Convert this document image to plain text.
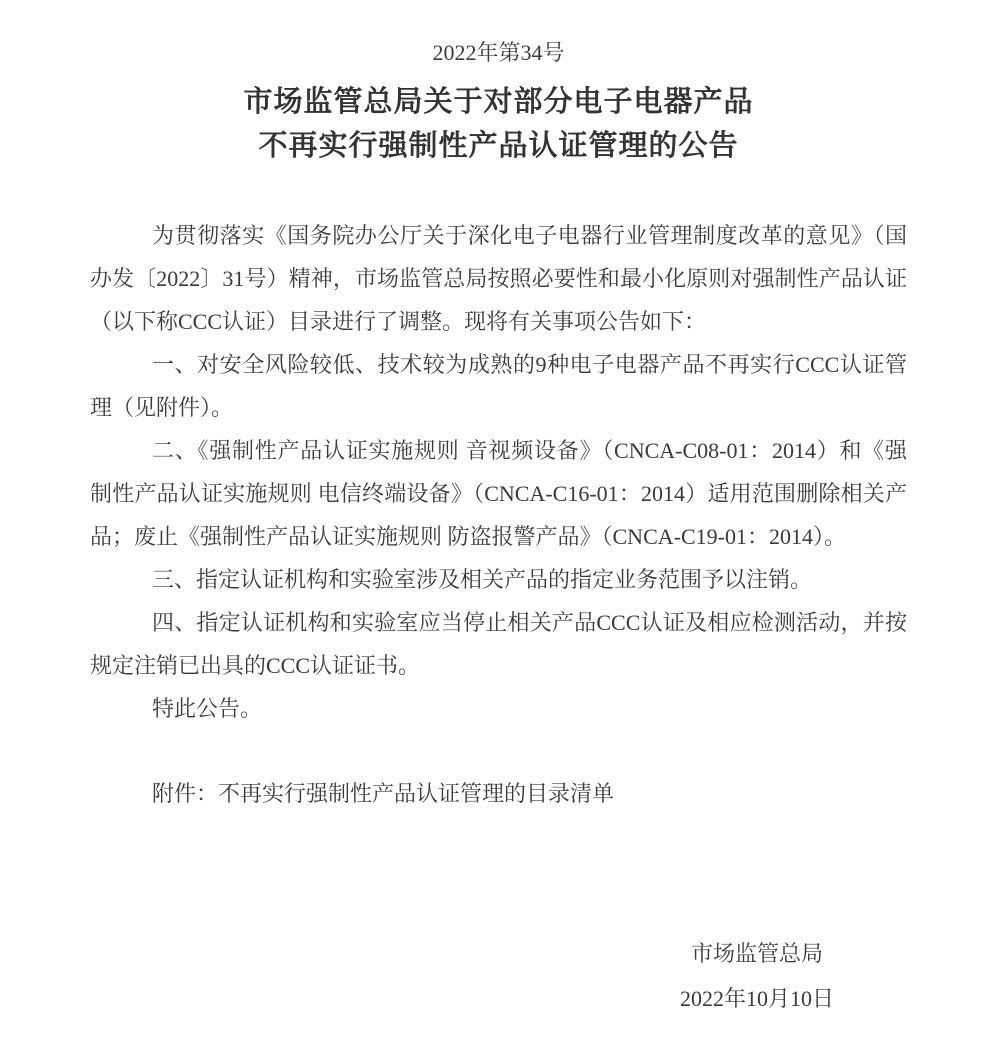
2022年第34号

市场监管总局关于对部分电子电器产品
不再实行强制性产品认证管理的公告

为贯彻落实《国务院办公厅关于深化电子电器行业管理制度改革的意见》（国办发〔2022〕31号）精神，市场监管总局按照必要性和最小化原则对强制性产品认证（以下称CCC认证）目录进行了调整。现将有关事项公告如下：

一、对安全风险较低、技术较为成熟的9种电子电器产品不再实行CCC认证管理（见附件）。

二、《强制性产品认证实施规则 音视频设备》（CNCA-C08-01：2014）和《强制性产品认证实施规则 电信终端设备》（CNCA-C16-01：2014）适用范围删除相关产品；废止《强制性产品认证实施规则 防盗报警产品》（CNCA-C19-01：2014）。

三、指定认证机构和实验室涉及相关产品的指定业务范围予以注销。

四、指定认证机构和实验室应当停止相关产品CCC认证及相应检测活动，并按规定注销已出具的CCC认证证书。

特此公告。

附件：不再实行强制性产品认证管理的目录清单

市场监管总局
2022年10月10日
